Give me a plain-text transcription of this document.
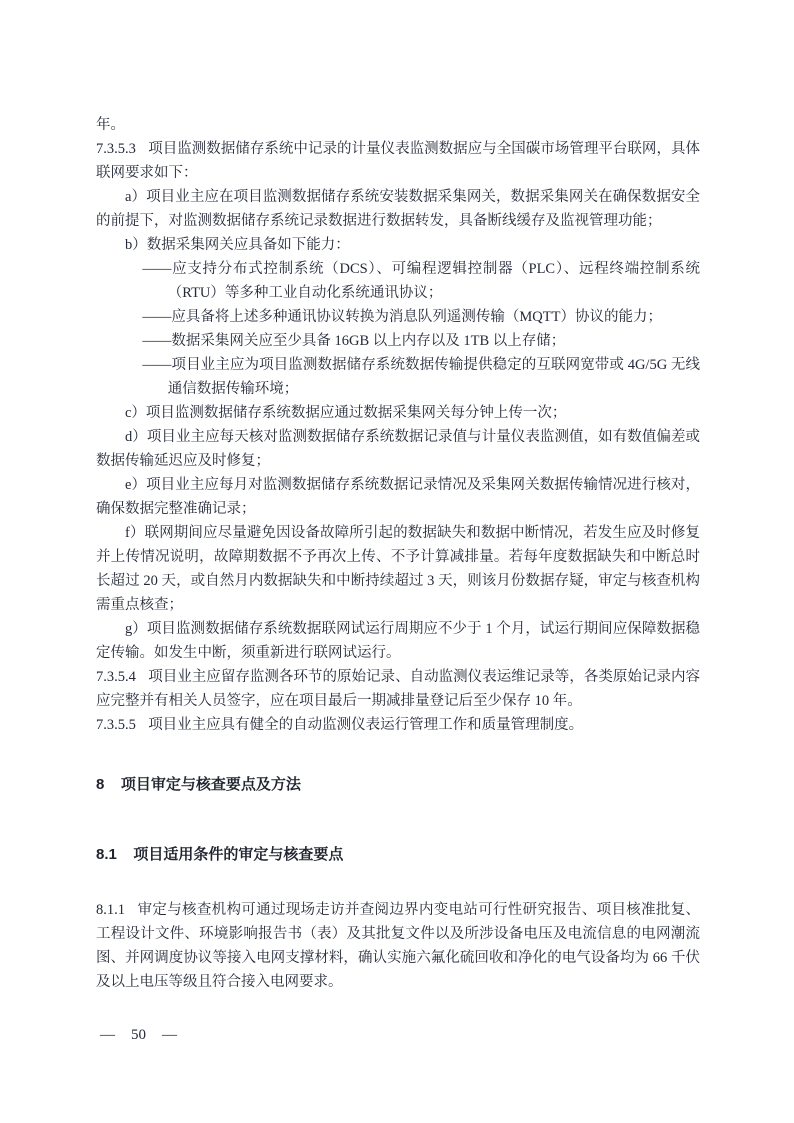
年。

7.3.5.3 项目监测数据储存系统中记录的计量仪表监测数据应与全国碳市场管理平台联网，具体联网要求如下：

a）项目业主应在项目监测数据储存系统安装数据采集网关，数据采集网关在确保数据安全的前提下，对监测数据储存系统记录数据进行数据转发，具备断线缓存及监视管理功能；

b）数据采集网关应具备如下能力：

——应支持分布式控制系统（DCS）、可编程逻辑控制器（PLC）、远程终端控制系统（RTU）等多种工业自动化系统通讯协议；

——应具备将上述多种通讯协议转换为消息队列遥测传输（MQTT）协议的能力；

——数据采集网关应至少具备 16GB 以上内存以及 1TB 以上存储；

——项目业主应为项目监测数据储存系统数据传输提供稳定的互联网宽带或 4G/5G 无线通信数据传输环境；

c）项目监测数据储存系统数据应通过数据采集网关每分钟上传一次；

d）项目业主应每天核对监测数据储存系统数据记录值与计量仪表监测值，如有数值偏差或数据传输延迟应及时修复；

e）项目业主应每月对监测数据储存系统数据记录情况及采集网关数据传输情况进行核对，确保数据完整准确记录；

f）联网期间应尽量避免因设备故障所引起的数据缺失和数据中断情况，若发生应及时修复并上传情况说明，故障期数据不予再次上传、不予计算减排量。若每年度数据缺失和中断总时长超过 20 天，或自然月内数据缺失和中断持续超过 3 天，则该月份数据存疑，审定与核查机构需重点核查；

g）项目监测数据储存系统数据联网试运行周期应不少于 1 个月，试运行期间应保障数据稳定传输。如发生中断，须重新进行联网试运行。

7.3.5.4 项目业主应留存监测各环节的原始记录、自动监测仪表运维记录等，各类原始记录内容应完整并有相关人员签字，应在项目最后一期减排量登记后至少保存 10 年。

7.3.5.5 项目业主应具有健全的自动监测仪表运行管理工作和质量管理制度。

8 项目审定与核查要点及方法

8.1 项目适用条件的审定与核查要点

8.1.1 审定与核查机构可通过现场走访并查阅边界内变电站可行性研究报告、项目核准批复、工程设计文件、环境影响报告书（表）及其批复文件以及所涉设备电压及电流信息的电网潮流图、并网调度协议等接入电网支撑材料，确认实施六氟化硫回收和净化的电气设备均为 66 千伏及以上电压等级且符合接入电网要求。

— 50 —
